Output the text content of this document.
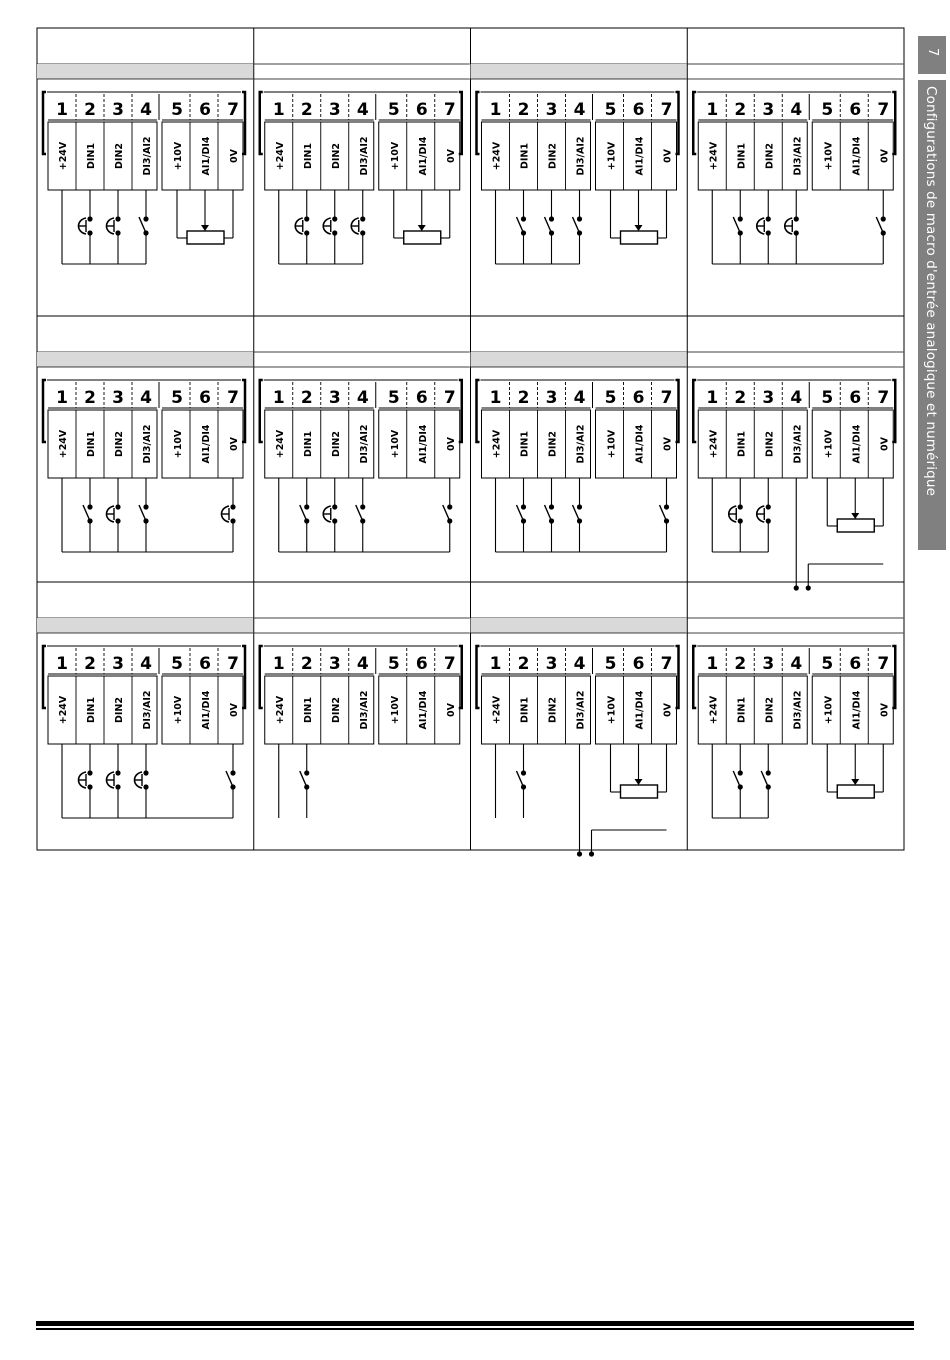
1 2 3 4 5 6 7
+24V DIN1 DIN2 DI3/AI2 +10V AI1/DI4 0V
1 2 3 4 5 6 7
+24V DIN1 DIN2 DI3/AI2 +10V AI1/DI4 0V
1 2 3 4 5 6 7
+24V DIN1 DIN2 DI3/AI2 +10V AI1/DI4 0V
1 2 3 4 5 6 7
+24V DIN1 DIN2 DI3/AI2 +10V AI1/DI4 0V
1 2 3 4 5 6 7
+24V DIN1 DIN2 DI3/AI2 +10V AI1/DI4 0V
1 2 3 4 5 6 7
+24V DIN1 DIN2 DI3/AI2 +10V AI1/DI4 0V
1 2 3 4 5 6 7
+24V DIN1 DIN2 DI3/AI2 +10V AI1/DI4 0V
1 2 3 4 5 6 7
+24V DIN1 DIN2 DI3/AI2 +10V AI1/DI4 0V
1 2 3 4 5 6 7
+24V DIN1 DIN2 DI3/AI2 +10V AI1/DI4 0V
1 2 3 4 5 6 7
+24V DIN1 DIN2 DI3/AI2 +10V AI1/DI4 0V
1 2 3 4 5 6 7
+24V DIN1 DIN2 DI3/AI2 +10V AI1/DI4 0V
1 2 3 4 5 6 7
+24V DIN1 DIN2 DI3/AI2 +10V AI1/DI4 0V
7
Configurations de macro d'entrée analogique et numérique
